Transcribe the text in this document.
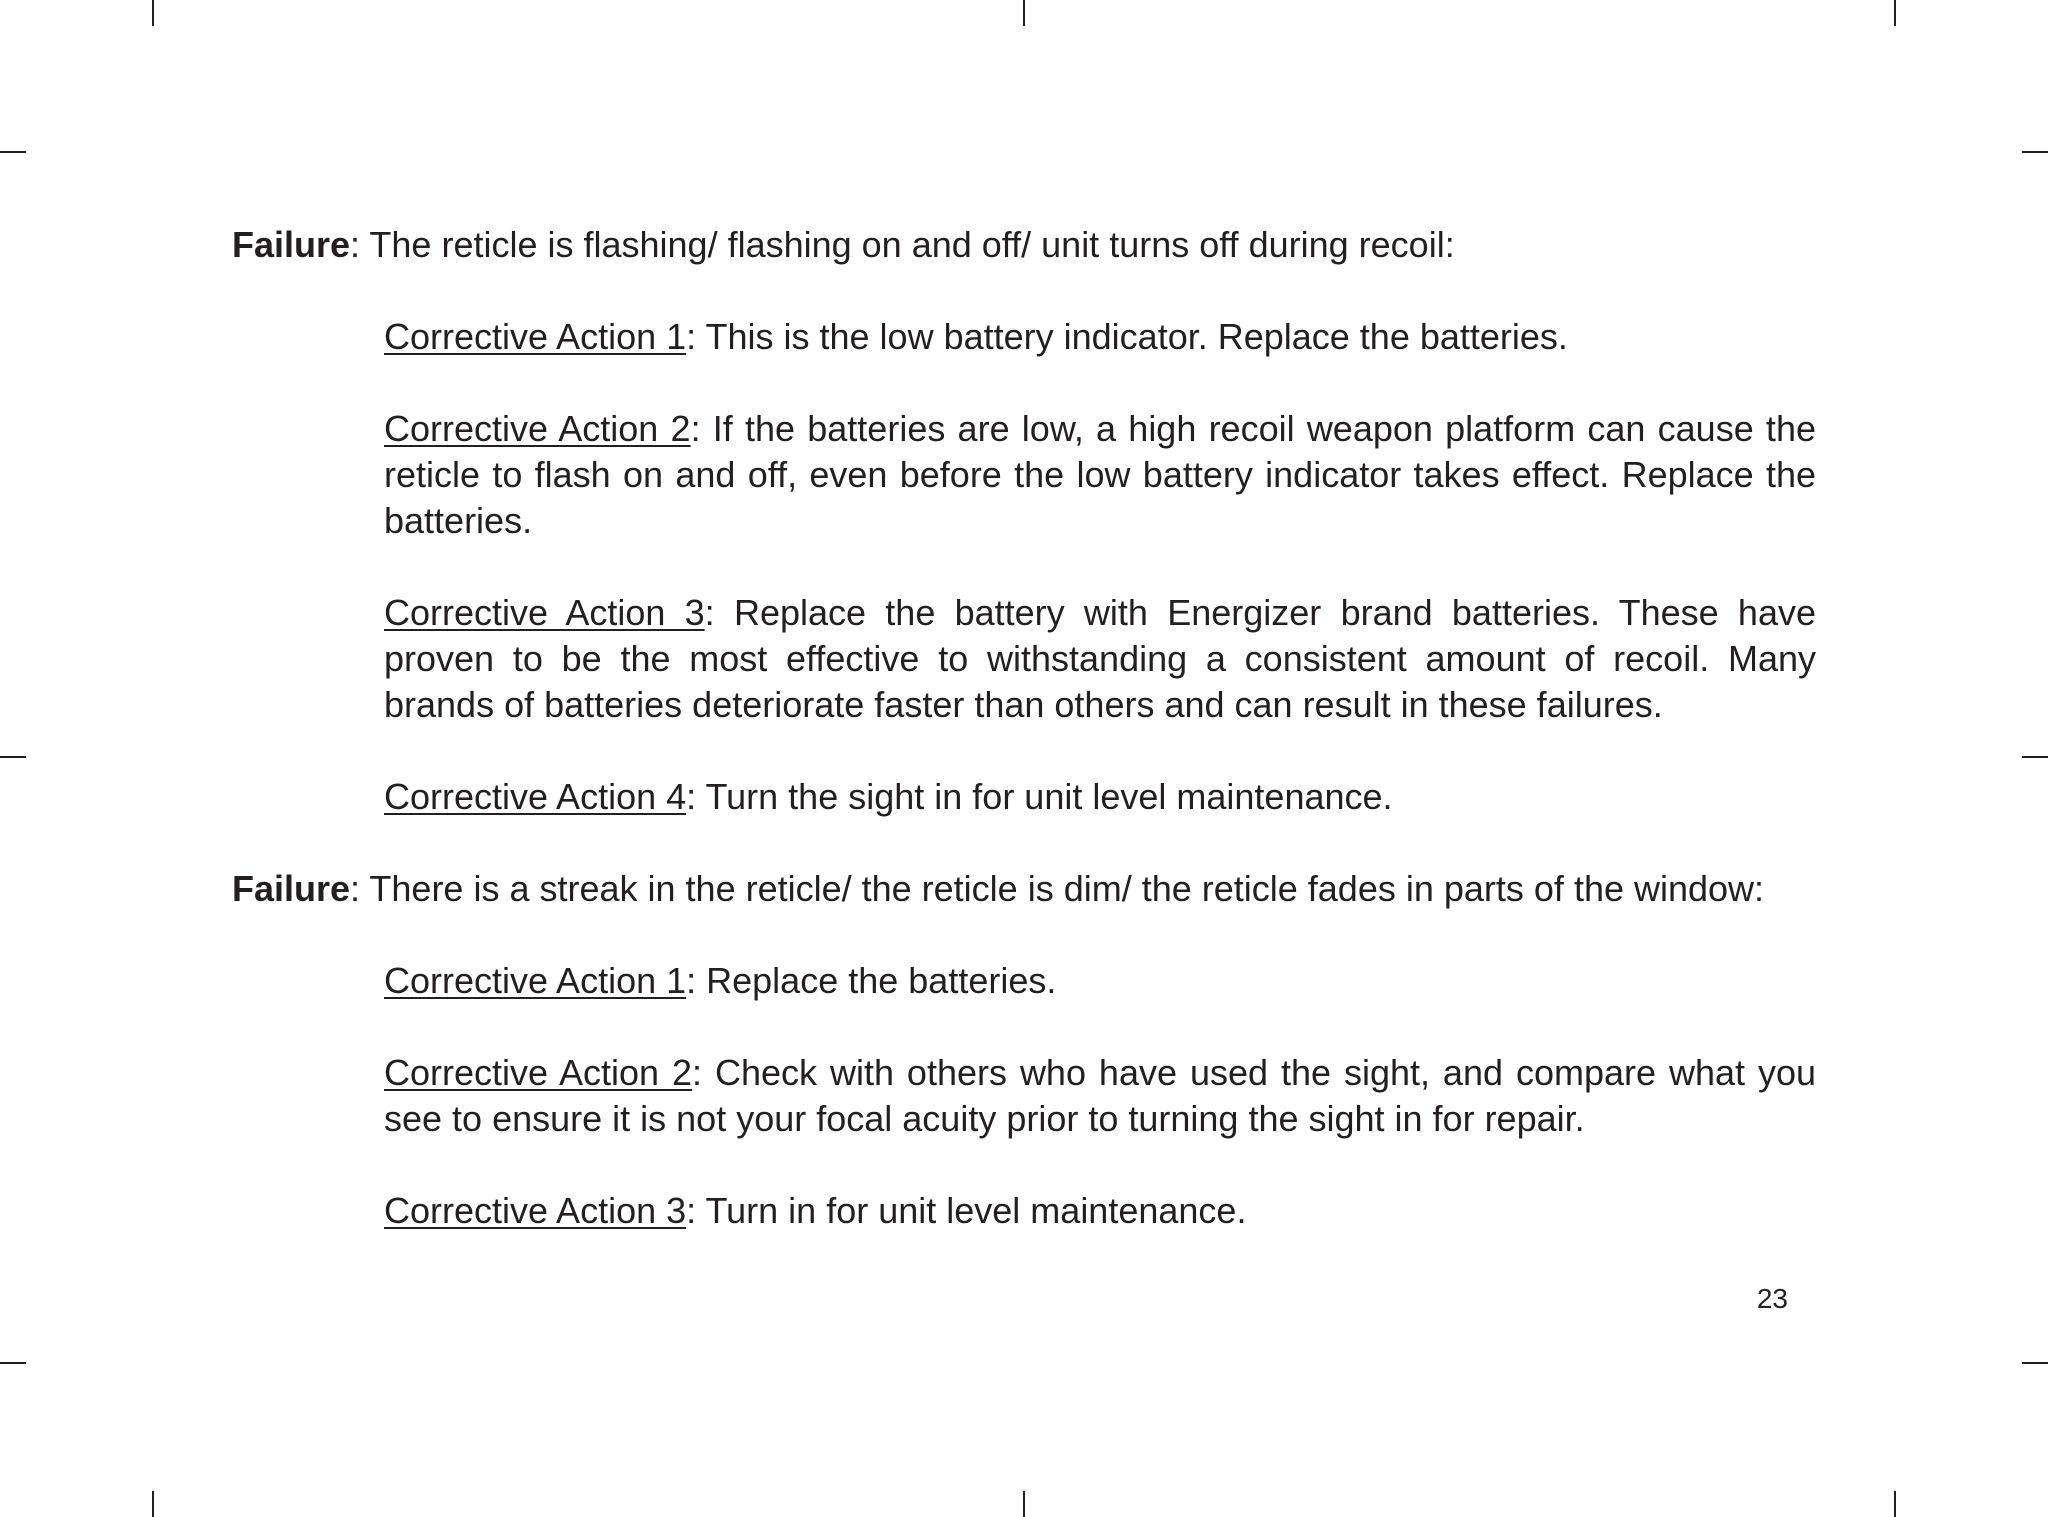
Failure: The reticle is flashing/ flashing on and off/ unit turns off during recoil:

Corrective Action 1: This is the low battery indicator. Replace the batteries.

Corrective Action 2: If the batteries are low, a high recoil weapon platform can cause the reticle to flash on and off, even before the low battery indicator takes effect. Replace the batteries.

Corrective Action 3: Replace the battery with Energizer brand batteries. These have proven to be the most effective to withstanding a consistent amount of recoil. Many brands of batteries deteriorate faster than others and can result in these failures.

Corrective Action 4: Turn the sight in for unit level maintenance.

Failure: There is a streak in the reticle/ the reticle is dim/ the reticle fades in parts of the window:

Corrective Action 1: Replace the batteries.

Corrective Action 2: Check with others who have used the sight, and compare what you see to ensure it is not your focal acuity prior to turning the sight in for repair.

Corrective Action 3: Turn in for unit level maintenance.

23
